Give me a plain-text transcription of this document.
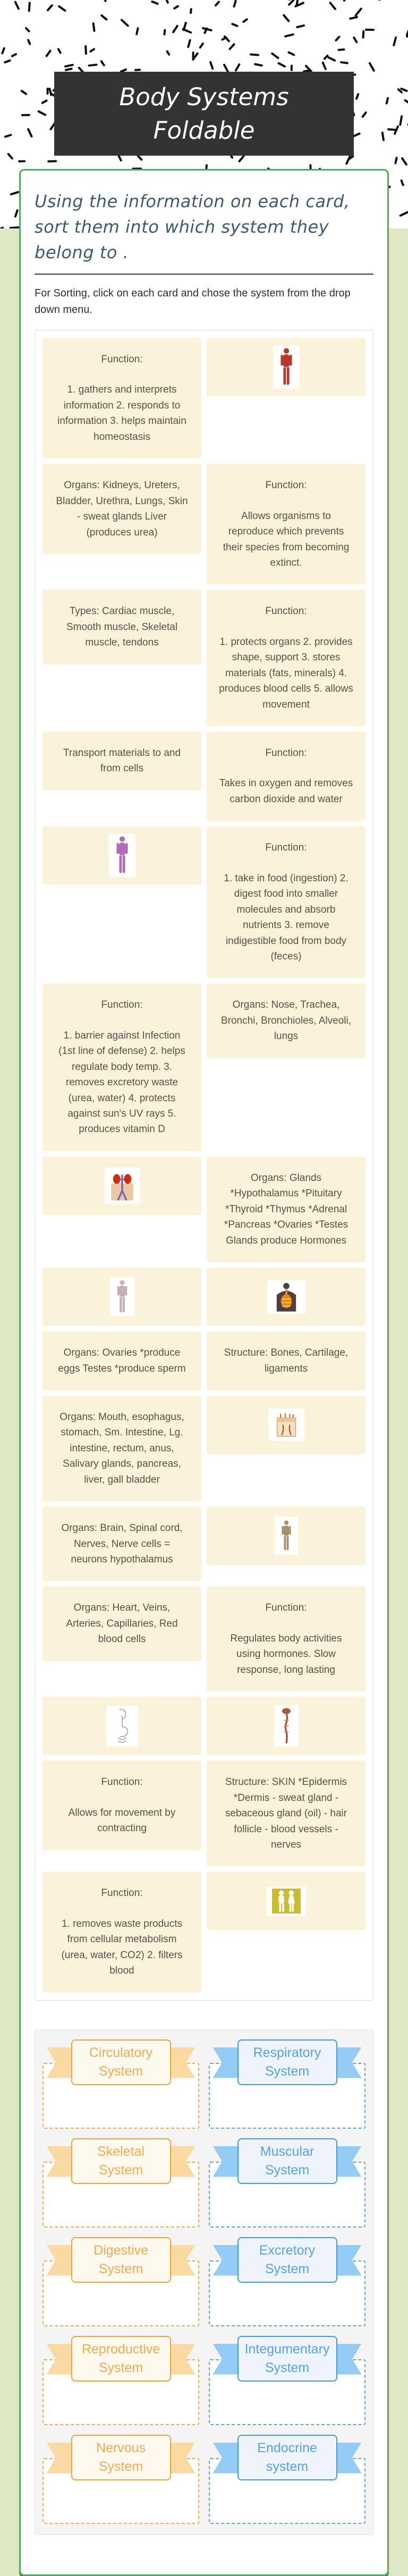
Body Systems Foldable
Using the information on each card, sort them into which system they belong to .

For Sorting, click on each card and chose the system from the drop down menu.

Function:
1. gathers and interprets information 2. responds to information 3. helps maintain homeostasis
Organs: Kidneys, Ureters, Bladder, Urethra, Lungs, Skin - sweat glands Liver (produces urea)
Function:
Allows organisms to reproduce which prevents their species from becoming extinct.
Types: Cardiac muscle, Smooth muscle, Skeletal muscle, tendons
Function:
1. protects organs 2. provides shape, support 3. stores materials (fats, minerals) 4. produces blood cells 5. allows movement
Transport materials to and from cells
Function:
Takes in oxygen and removes carbon dioxide and water
Function:
1. take in food (ingestion) 2. digest food into smaller molecules and absorb nutrients 3. remove indigestible food from body (feces)
Function:
1. barrier against Infection (1st line of defense) 2. helps regulate body temp. 3. removes excretory waste (urea, water) 4. protects against sun's UV rays 5. produces vitamin D
Organs: Nose, Trachea, Bronchi, Bronchioles, Alveoli, lungs
Organs: Glands *Hypothalamus *Pituitary *Thyroid *Thymus *Adrenal *Pancreas *Ovaries *Testes Glands produce Hormones
Organs: Ovaries *produce eggs Testes *produce sperm
Structure: Bones, Cartilage, ligaments
Organs: Mouth, esophagus, stomach, Sm. Intestine, Lg. intestine, rectum, anus, Salivary glands, pancreas, liver, gall bladder
Organs: Brain, Spinal cord, Nerves, Nerve cells = neurons hypothalamus
Organs: Heart, Veins, Arteries, Capillaries, Red blood cells
Function:
Regulates body activities using hormones. Slow response, long lasting
Function:
Allows for movement by contracting
Structure: SKIN *Epidermis *Dermis - sweat gland - sebaceous gland (oil) - hair follicle - blood vessels - nerves
Function:
1. removes waste products from cellular metabolism (urea, water, CO2) 2. filters blood
Circulatory System
Respiratory System
Skeletal System
Muscular System
Digestive System
Excretory System
Reproductive System
Integumentary System
Nervous System
Endocrine system
